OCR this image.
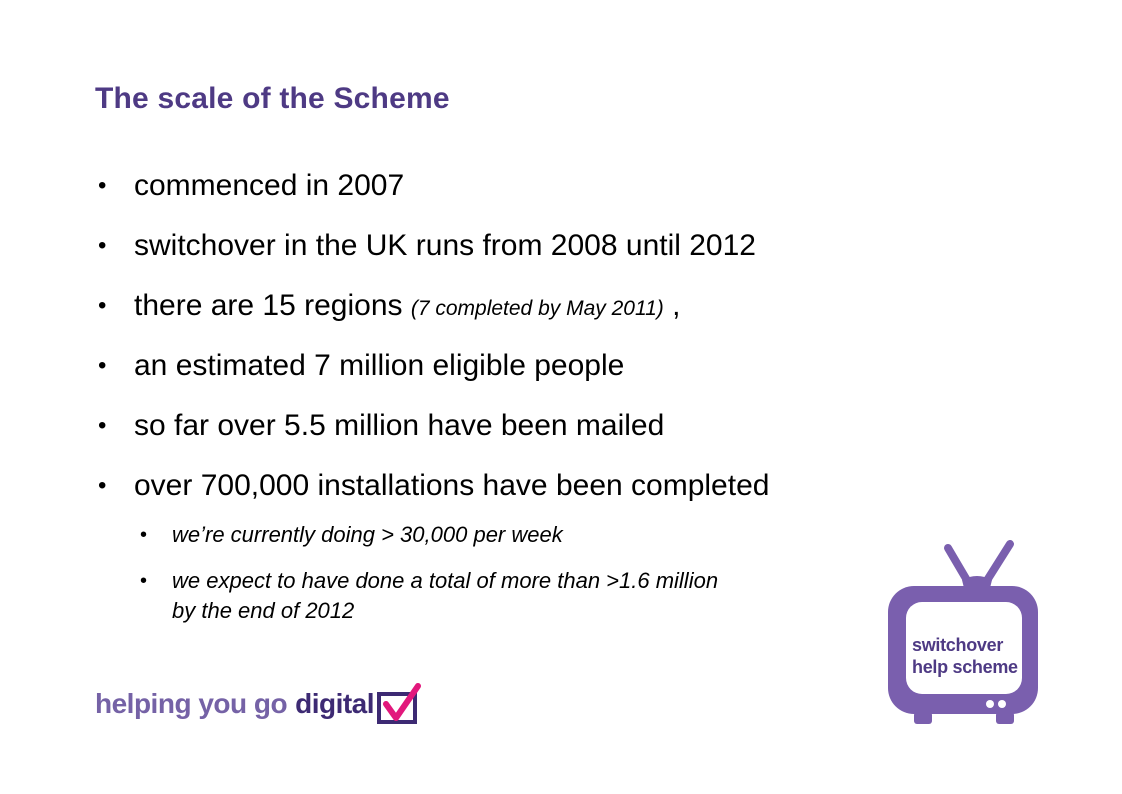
The scale of the Scheme
• commenced in 2007
• switchover in the UK runs from 2008 until 2012
• there are 15 regions (7 completed by May 2011) ,
• an estimated 7 million eligible people
• so far over 5.5 million have been mailed
• over 700,000 installations have been completed
• we’re currently doing > 30,000 per week
• we expect to have done a total of more than >1.6 million by the end of 2012
helping you go digital
switchover
help scheme
